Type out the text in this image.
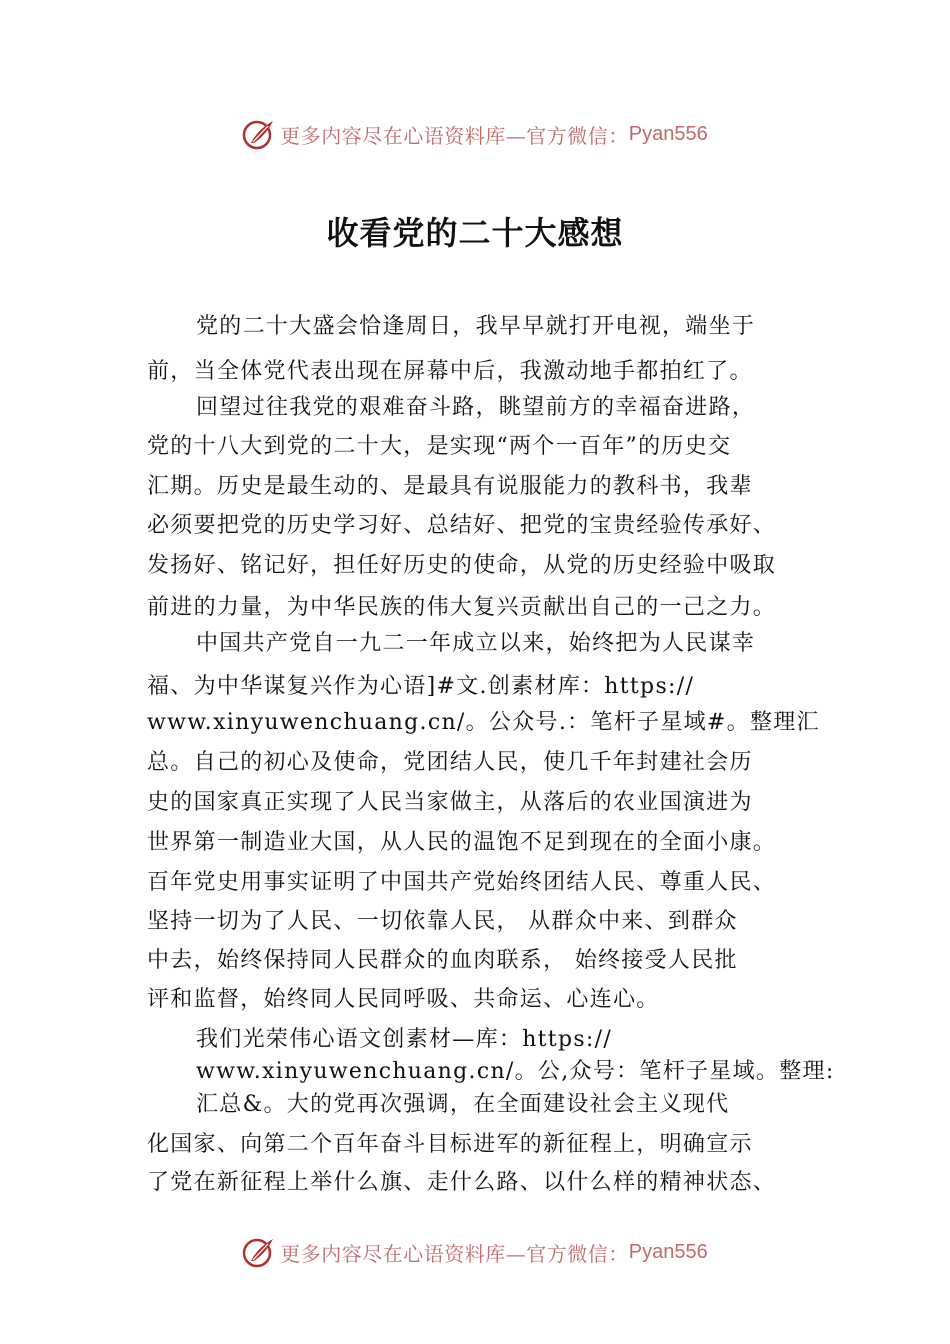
更多内容尽在心语资料库—官方微信： Pyan556
收看党的二十大感想
党的二十大盛会恰逢周日，我早早就打开电视，端坐于
前，当全体党代表出现在屏幕中后，我激动地手都拍红了。
回望过往我党的艰难奋斗路，眺望前方的幸福奋进路，
党的十八大到党的二十大，是实现“两个一百年”的历史交
汇期。历史是最生动的、是最具有说服能力的教科书，我辈
必须要把党的历史学习好、总结好、把党的宝贵经验传承好、
发扬好、铭记好，担任好历史的使命，从党的历史经验中吸取
前进的力量，为中华民族的伟大复兴贡献出自己的一己之力。
中国共产党自一九二一年成立以来，始终把为人民谋幸
福、为中华谋复兴作为心语]#文.创素材库：https://
www.xinyuwenchuang.cn/。公众号.：笔杆子星域#。整理汇
总。自己的初心及使命，党团结人民，使几千年封建社会历
史的国家真正实现了人民当家做主，从落后的农业国演进为
世界第一制造业大国，从人民的温饱不足到现在的全面小康。
百年党史用事实证明了中国共产党始终团结人民、尊重人民、
坚持一切为了人民、一切依靠人民， 从群众中来、到群众
中去，始终保持同人民群众的血肉联系， 始终接受人民批
评和监督，始终同人民同呼吸、共命运、心连心。
我们光荣伟心语文创素材—库：https://
www.xinyuwenchuang.cn/。公,众号：笔杆子星域。整理:
汇总&。大的党再次强调，在全面建设社会主义现代
化国家、向第二个百年奋斗目标进军的新征程上，明确宣示
了党在新征程上举什么旗、走什么路、以什么样的精神状态、
更多内容尽在心语资料库—官方微信： Pyan556
